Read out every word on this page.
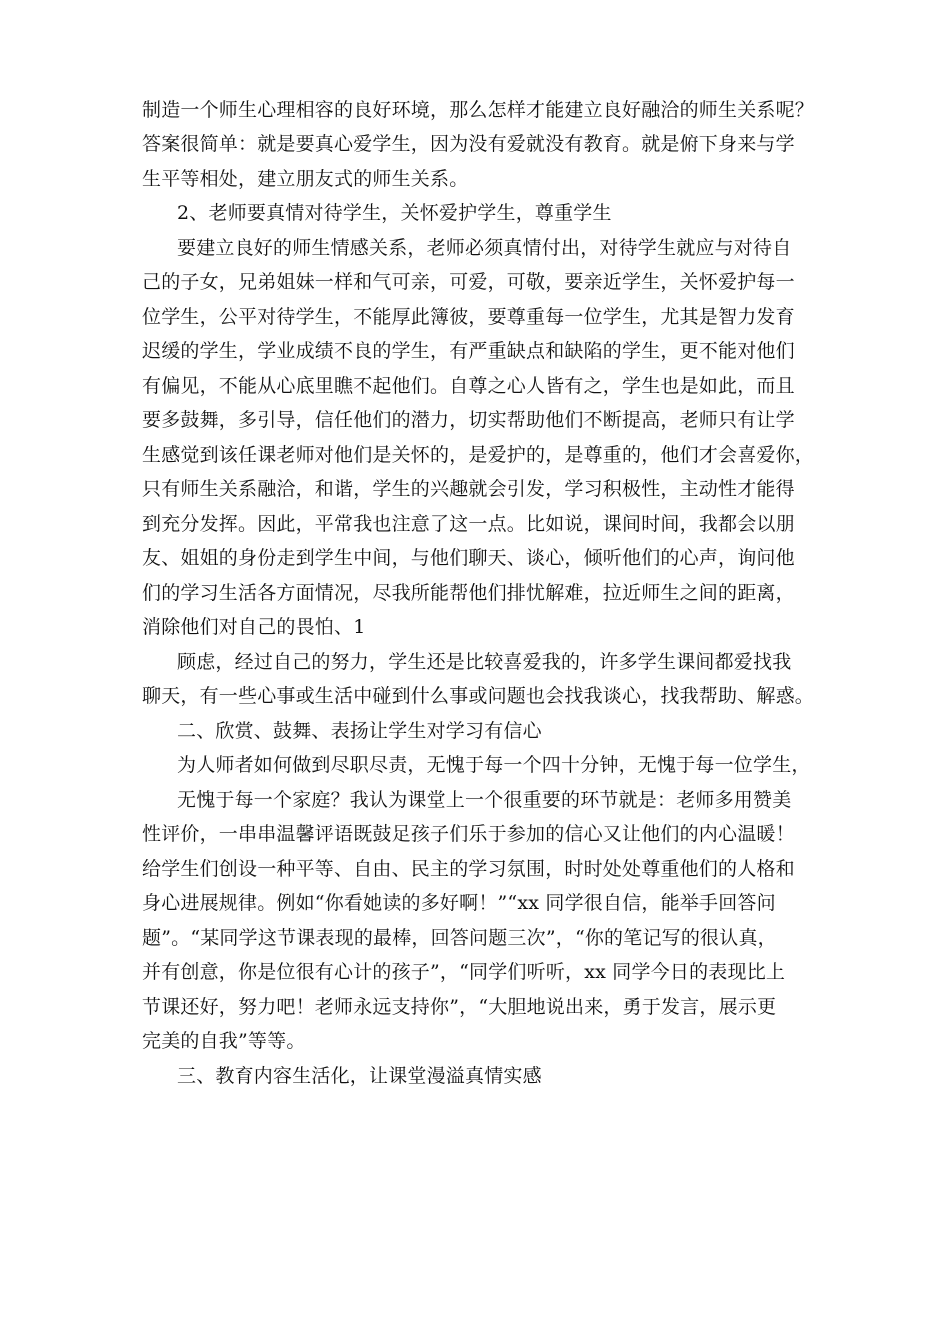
制造一个师生心理相容的良好环境，那么怎样才能建立良好融洽的师生关系呢？
答案很简单：就是要真心爱学生，因为没有爱就没有教育。就是俯下身来与学
生平等相处，建立朋友式的师生关系。
2、老师要真情对待学生，关怀爱护学生，尊重学生
要建立良好的师生情感关系，老师必须真情付出，对待学生就应与对待自
己的子女，兄弟姐妹一样和气可亲，可爱，可敬，要亲近学生，关怀爱护每一
位学生，公平对待学生，不能厚此簿彼，要尊重每一位学生，尤其是智力发育
迟缓的学生，学业成绩不良的学生，有严重缺点和缺陷的学生，更不能对他们
有偏见，不能从心底里瞧不起他们。自尊之心人皆有之，学生也是如此，而且
要多鼓舞，多引导，信任他们的潜力，切实帮助他们不断提高，老师只有让学
生感觉到该任课老师对他们是关怀的，是爱护的，是尊重的，他们才会喜爱你，
只有师生关系融洽，和谐，学生的兴趣就会引发，学习积极性，主动性才能得
到充分发挥。因此，平常我也注意了这一点。比如说，课间时间，我都会以朋
友、姐姐的身份走到学生中间，与他们聊天、谈心，倾听他们的心声，询问他
们的学习生活各方面情况，尽我所能帮他们排忧解难，拉近师生之间的距离，
消除他们对自己的畏怕、1
顾虑，经过自己的努力，学生还是比较喜爱我的，许多学生课间都爱找我
聊天，有一些心事或生活中碰到什么事或问题也会找我谈心，找我帮助、解惑。
二、欣赏、鼓舞、表扬让学生对学习有信心
为人师者如何做到尽职尽责，无愧于每一个四十分钟，无愧于每一位学生，
无愧于每一个家庭？我认为课堂上一个很重要的环节就是：老师多用赞美
性评价，一串串温馨评语既鼓足孩子们乐于参加的信心又让他们的内心温暖！
给学生们创设一种平等、自由、民主的学习氛围，时时处处尊重他们的人格和
身心进展规律。例如“你看她读的多好啊！”“xx 同学很自信，能举手回答问
题”。“某同学这节课表现的最棒，回答问题三次”，“你的笔记写的很认真，
并有创意，你是位很有心计的孩子”，“同学们听听，xx 同学今日的表现比上
节课还好，努力吧！老师永远支持你”，“大胆地说出来，勇于发言，展示更
完美的自我”等等。
三、教育内容生活化，让课堂漫溢真情实感
